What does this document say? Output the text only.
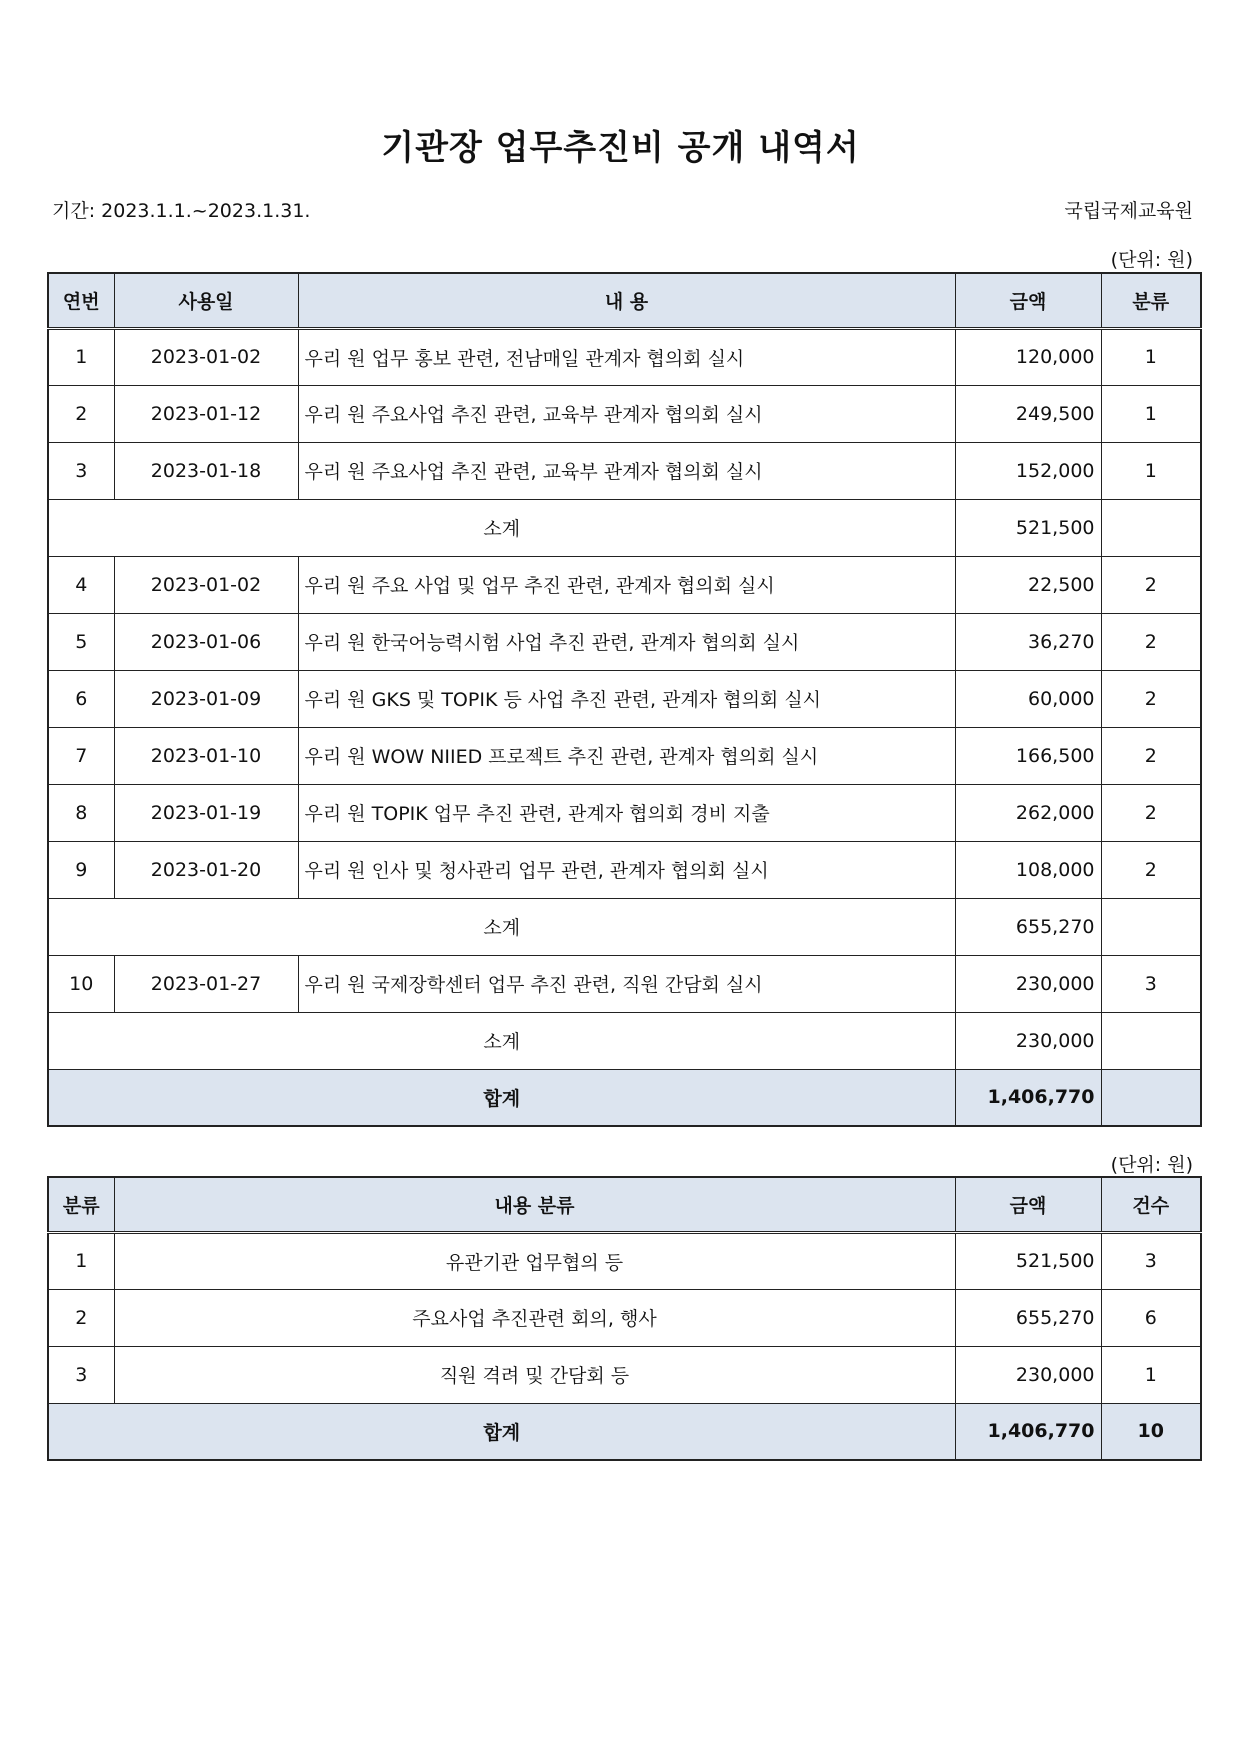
기관장 업무추진비 공개 내역서
기간: 2023.1.1.~2023.1.31.	국립국제교육원
(단위: 원)
연번	사용일	내 용	금액	분류
1	2023-01-02	우리 원 업무 홍보 관련, 전남매일 관계자 협의회 실시	120,000	1
2	2023-01-12	우리 원 주요사업 추진 관련, 교육부 관계자 협의회 실시	249,500	1
3	2023-01-18	우리 원 주요사업 추진 관련, 교육부 관계자 협의회 실시	152,000	1
소계			521,500	
4	2023-01-02	우리 원 주요 사업 및 업무 추진 관련, 관계자 협의회 실시	22,500	2
5	2023-01-06	우리 원 한국어능력시험 사업 추진 관련, 관계자 협의회 실시	36,270	2
6	2023-01-09	우리 원 GKS 및 TOPIK 등 사업 추진 관련, 관계자 협의회 실시	60,000	2
7	2023-01-10	우리 원 WOW NIIED 프로젝트 추진 관련, 관계자 협의회 실시	166,500	2
8	2023-01-19	우리 원 TOPIK 업무 추진 관련, 관계자 협의회 경비 지출	262,000	2
9	2023-01-20	우리 원 인사 및 청사관리 업무 관련, 관계자 협의회 실시	108,000	2
소계			655,270	
10	2023-01-27	우리 원 국제장학센터 업무 추진 관련, 직원 간담회 실시	230,000	3
소계			230,000	
합계			1,406,770	
(단위: 원)
분류	내용 분류	금액	건수
1	유관기관 업무협의 등	521,500	3
2	주요사업 추진관련 회의, 행사	655,270	6
3	직원 격려 및 간담회 등	230,000	1
합계		1,406,770	10
